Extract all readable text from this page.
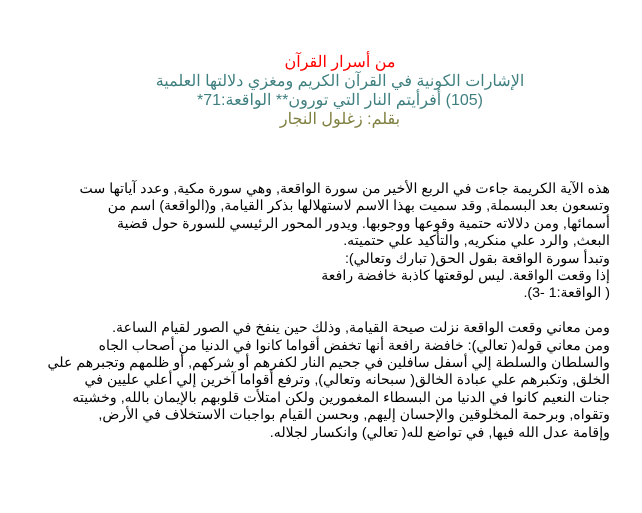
من أسرار القرآن
الإشارات الكونية في القرآن الكريم ومغزي دلالتها العلمية
(105) أفرأيتم النار التي تورون** الواقعة:71*
بقلم: زغلول النجار
هذه الآية الكريمة جاءت في الربع الأخير من سورة الواقعة, وهي سورة مكية, وعدد آياتها ست
وتسعون بعد البسملة, وقد سميت بهذا الاسم لاستهلالها بذكر القيامة, و(الواقعة) اسم من
أسمائها, ومن دلالاته حتمية وقوعها ووجوبها. ويدور المحور الرئيسي للسورة حول قضية
البعث, والرد علي منكريه, والتأكيد علي حتميته.
وتبدأ سورة الواقعة بقول الحق( تبارك وتعالي):
إذا وقعت الواقعة. ليس لوقعتها كاذبة خافضة رافعة
( الواقعة:1 -3).
ومن معاني وقعت الواقعة نزلت صيحة القيامة, وذلك حين ينفخ في الصور لقيام الساعة.
ومن معاني قوله( تعالي): خافضة رافعة أنها تخفض أقواما كانوا في الدنيا من أصحاب الجاه
والسلطان والسلطة إلي أسفل سافلين في جحيم النار لكفرهم أو شركهم, أو ظلمهم وتجبرهم علي
الخلق, وتكبرهم علي عبادة الخالق( سبحانه وتعالي), وترفع أقواما آخرين إلي أعلي عليين في
جنات النعيم كانوا في الدنيا من البسطاء المغمورين ولكن امتلأت قلوبهم بالإيمان بالله, وخشيته
وتقواه, وبرحمة المخلوقين والإحسان إليهم, وبحسن القيام بواجبات الاستخلاف في الأرض,
وإقامة عدل الله فيها, في تواضع لله( تعالي) وانكسار لجلاله.
